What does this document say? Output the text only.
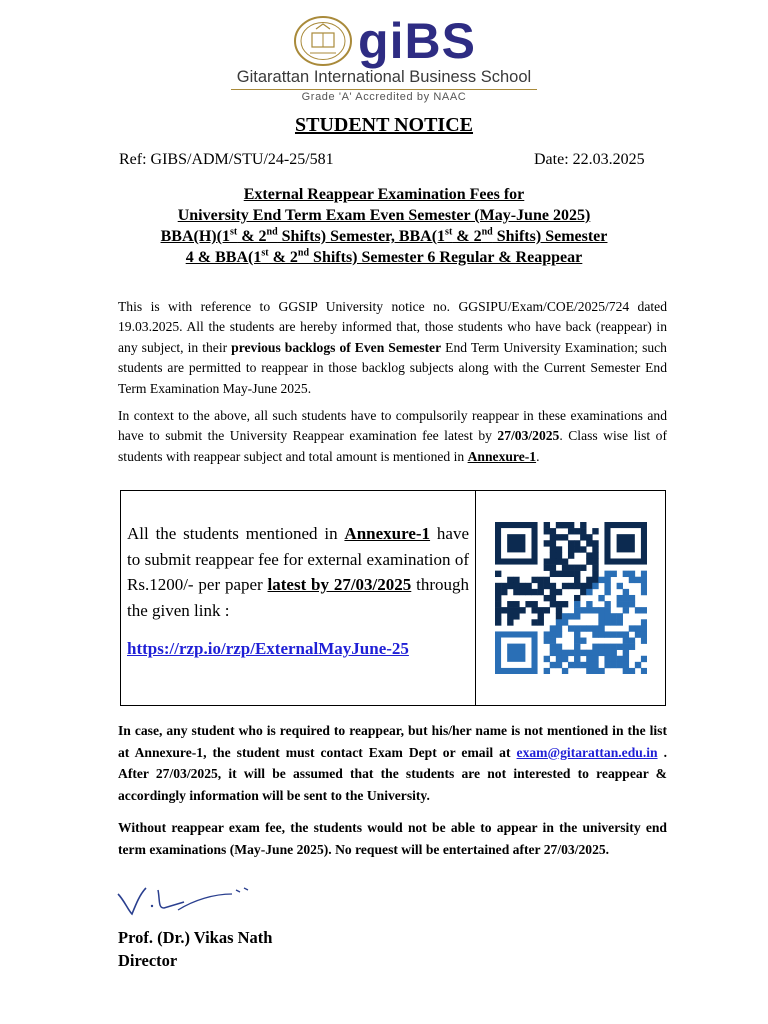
giBS
Gitarattan International Business School
Grade 'A' Accredited by NAAC
STUDENT NOTICE
Ref: GIBS/ADM/STU/24-25/581	Date: 22.03.2025
External Reappear Examination Fees for
University End Term Exam Even Semester (May-June 2025)
BBA(H)(1st & 2nd Shifts) Semester, BBA(1st & 2nd Shifts) Semester
4 & BBA(1st & 2nd Shifts) Semester 6 Regular & Reappear
This is with reference to GGSIP University notice no. GGSIPU/Exam/COE/2025/724 dated 19.03.2025. All the students are hereby informed that, those students who have back (reappear) in any subject, in their previous backlogs of Even Semester End Term University Examination; such students are permitted to reappear in those backlog subjects along with the Current Semester End Term Examination May-June 2025.
In context to the above, all such students have to compulsorily reappear in these examinations and have to submit the University Reappear examination fee latest by 27/03/2025. Class wise list of students with reappear subject and total amount is mentioned in Annexure-1.
All the students mentioned in Annexure-1 have to submit reappear fee for external examination of Rs.1200/- per paper latest by 27/03/2025 through the given link :
https://rzp.io/rzp/ExternalMayJune-25
In case, any student who is required to reappear, but his/her name is not mentioned in the list at Annexure-1, the student must contact Exam Dept or email at exam@gitarattan.edu.in . After 27/03/2025, it will be assumed that the students are not interested to reappear & accordingly information will be sent to the University.
Without reappear exam fee, the students would not be able to appear in the university end term examinations (May-June 2025). No request will be entertained after 27/03/2025.
Prof. (Dr.) Vikas Nath
Director
